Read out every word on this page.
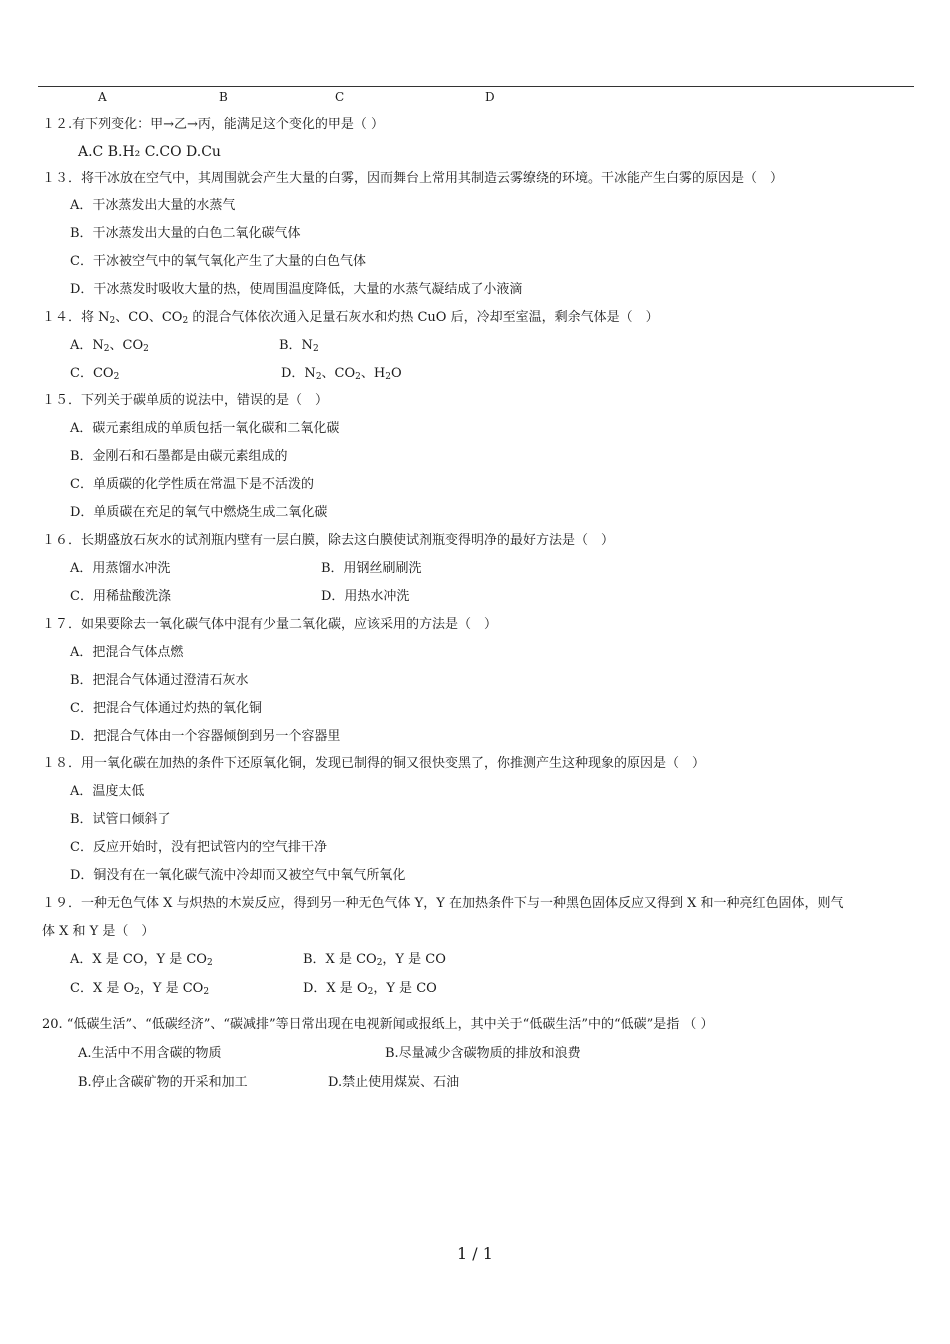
A	B	C	D
１２.有下列变化：甲→乙→丙，能满足这个变化的甲是（ ）
A.C B.H₂ C.CO D.Cu
１３．将干冰放在空气中，其周围就会产生大量的白雾，因而舞台上常用其制造云雾缭绕的环境。干冰能产生白雾的原因是（　）
A．干冰蒸发出大量的水蒸气
B．干冰蒸发出大量的白色二氧化碳气体
C．干冰被空气中的氧气氧化产生了大量的白色气体
D．干冰蒸发时吸收大量的热，使周围温度降低，大量的水蒸气凝结成了小液滴
１４．将 $N_2$、CO、$CO_2$ 的混合气体依次通入足量石灰水和灼热 CuO 后，冷却至室温，剩余气体是（　）
A．$N_2$、$CO_2$	B．$N_2$
C．$CO_2$	D．$N_2$、$CO_2$、$H_2O$
１５．下列关于碳单质的说法中，错误的是（　）
A．碳元素组成的单质包括一氧化碳和二氧化碳
B．金刚石和石墨都是由碳元素组成的
C．单质碳的化学性质在常温下是不活泼的
D．单质碳在充足的氧气中燃烧生成二氧化碳
１６．长期盛放石灰水的试剂瓶内壁有一层白膜，除去这白膜使试剂瓶变得明净的最好方法是（　）
A．用蒸馏水冲洗	B．用钢丝刷刷洗
C．用稀盐酸洗涤	D．用热水冲洗
１７．如果要除去一氧化碳气体中混有少量二氧化碳，应该采用的方法是（　）
A．把混合气体点燃
B．把混合气体通过澄清石灰水
C．把混合气体通过灼热的氧化铜
D．把混合气体由一个容器倾倒到另一个容器里
１８．用一氧化碳在加热的条件下还原氧化铜，发现已制得的铜又很快变黑了，你推测产生这种现象的原因是（　）
A．温度太低
B．试管口倾斜了
C．反应开始时，没有把试管内的空气排干净
D．铜没有在一氧化碳气流中冷却而又被空气中氧气所氧化
１９．一种无色气体 X 与炽热的木炭反应，得到另一种无色气体 Y，Y 在加热条件下与一种黑色固体反应又得到 X 和一种亮红色固体，则气
体 X 和 Y 是（　）
A．X 是 CO，Y 是 $CO_2$	B．X 是 $CO_2$，Y 是 CO
C．X 是 $O_2$，Y 是 $CO_2$	D．X 是 $O_2$，Y 是 CO
20. “低碳生活”、“低碳经济”、“碳减排”等日常出现在电视新闻或报纸上，其中关于“低碳生活”中的“低碳”是指 （ ）
A.生活中不用含碳的物质	B.尽量减少含碳物质的排放和浪费
B.停止含碳矿物的开采和加工	D.禁止使用煤炭、石油
1 / 1
